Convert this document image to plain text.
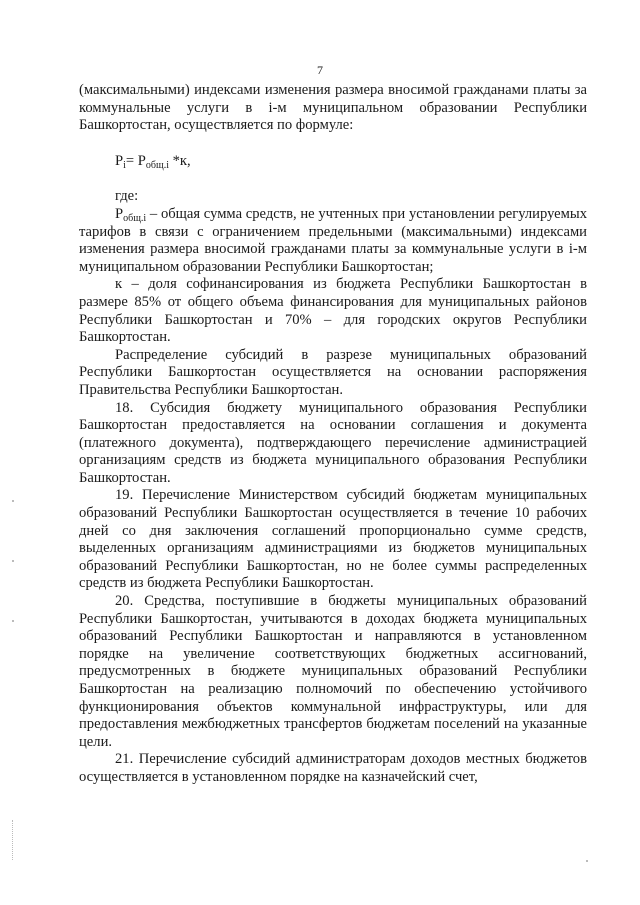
7

(максимальными) индексами изменения размера вносимой гражданами платы за коммунальные услуги в i-м муниципальном образовании Республики Башкортостан, осуществляется по формуле:

$P_i= P_{общ.i}$ *к,

где:

$P_{общ.i}$ – общая сумма средств, не учтенных при установлении регулируемых тарифов в связи с ограничением предельными (максимальными) индексами изменения размера вносимой гражданами платы за коммунальные услуги в i-м муниципальном образовании Республики Башкортостан;

к – доля софинансирования из бюджета Республики Башкортостан в размере 85% от общего объема финансирования для муниципальных районов Республики Башкортостан и 70% – для городских округов Республики Башкортостан.

Распределение субсидий в разрезе муниципальных образований Республики Башкортостан осуществляется на основании распоряжения Правительства Республики Башкортостан.

18. Субсидия бюджету муниципального образования Республики Башкортостан предоставляется на основании соглашения и документа (платежного документа), подтверждающего перечисление администрацией организациям средств из бюджета муниципального образования Республики Башкортостан.

19. Перечисление Министерством субсидий бюджетам муниципальных образований Республики Башкортостан осуществляется в течение 10 рабочих дней со дня заключения соглашений пропорционально сумме средств, выделенных организациям администрациями из бюджетов муниципальных образований Республики Башкортостан, но не более суммы распределенных средств из бюджета Республики Башкортостан.

20. Средства, поступившие в бюджеты муниципальных образований Республики Башкортостан, учитываются в доходах бюджета муниципальных образований Республики Башкортостан и направляются в установленном порядке на увеличение соответствующих бюджетных ассигнований, предусмотренных в бюджете муниципальных образований Республики Башкортостан на реализацию полномочий по обеспечению устойчивого функционирования объектов коммунальной инфраструктуры, или для предоставления межбюджетных трансфертов бюджетам поселений на указанные цели.

21. Перечисление субсидий администраторам доходов местных бюджетов осуществляется в установленном порядке на казначейский счет,
